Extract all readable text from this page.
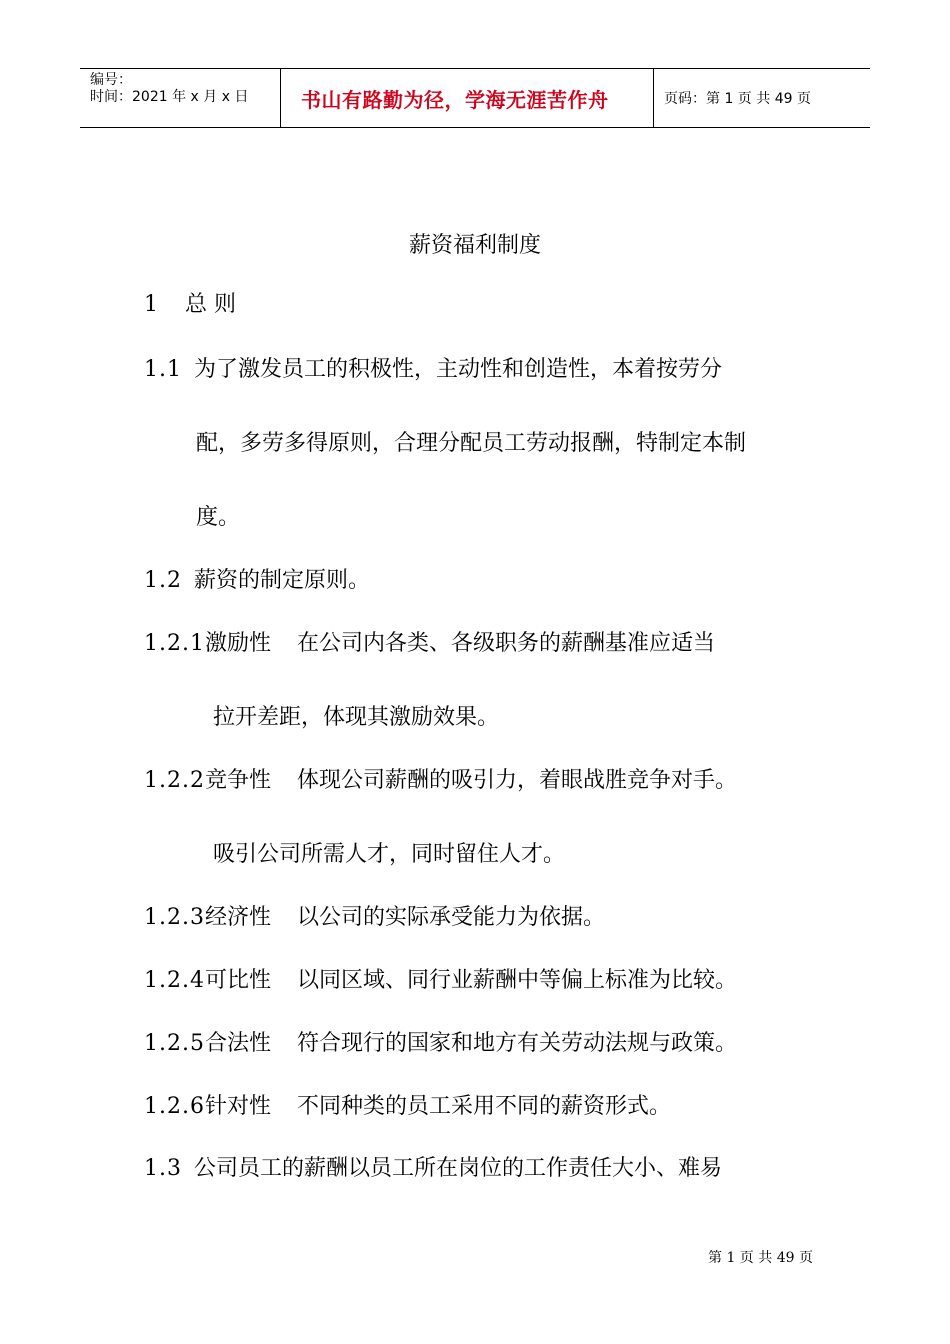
编号：
时间：2021 年 x 月 x 日	书山有路勤为径，学海无涯苦作舟	页码：第 1 页 共 49 页
薪资福利制度
1 总 则
1.1 为了激发员工的积极性，主动性和创造性，本着按劳分
配，多劳多得原则，合理分配员工劳动报酬，特制定本制
度。
1.2 薪资的制定原则。
1.2.1激励性 在公司内各类、各级职务的薪酬基准应适当
拉开差距，体现其激励效果。
1.2.2竞争性 体现公司薪酬的吸引力，着眼战胜竞争对手。
吸引公司所需人才，同时留住人才。
1.2.3经济性 以公司的实际承受能力为依据。
1.2.4可比性 以同区域、同行业薪酬中等偏上标准为比较。
1.2.5合法性 符合现行的国家和地方有关劳动法规与政策。
1.2.6针对性 不同种类的员工采用不同的薪资形式。
1.3 公司员工的薪酬以员工所在岗位的工作责任大小、难易
第 1 页 共 49 页
